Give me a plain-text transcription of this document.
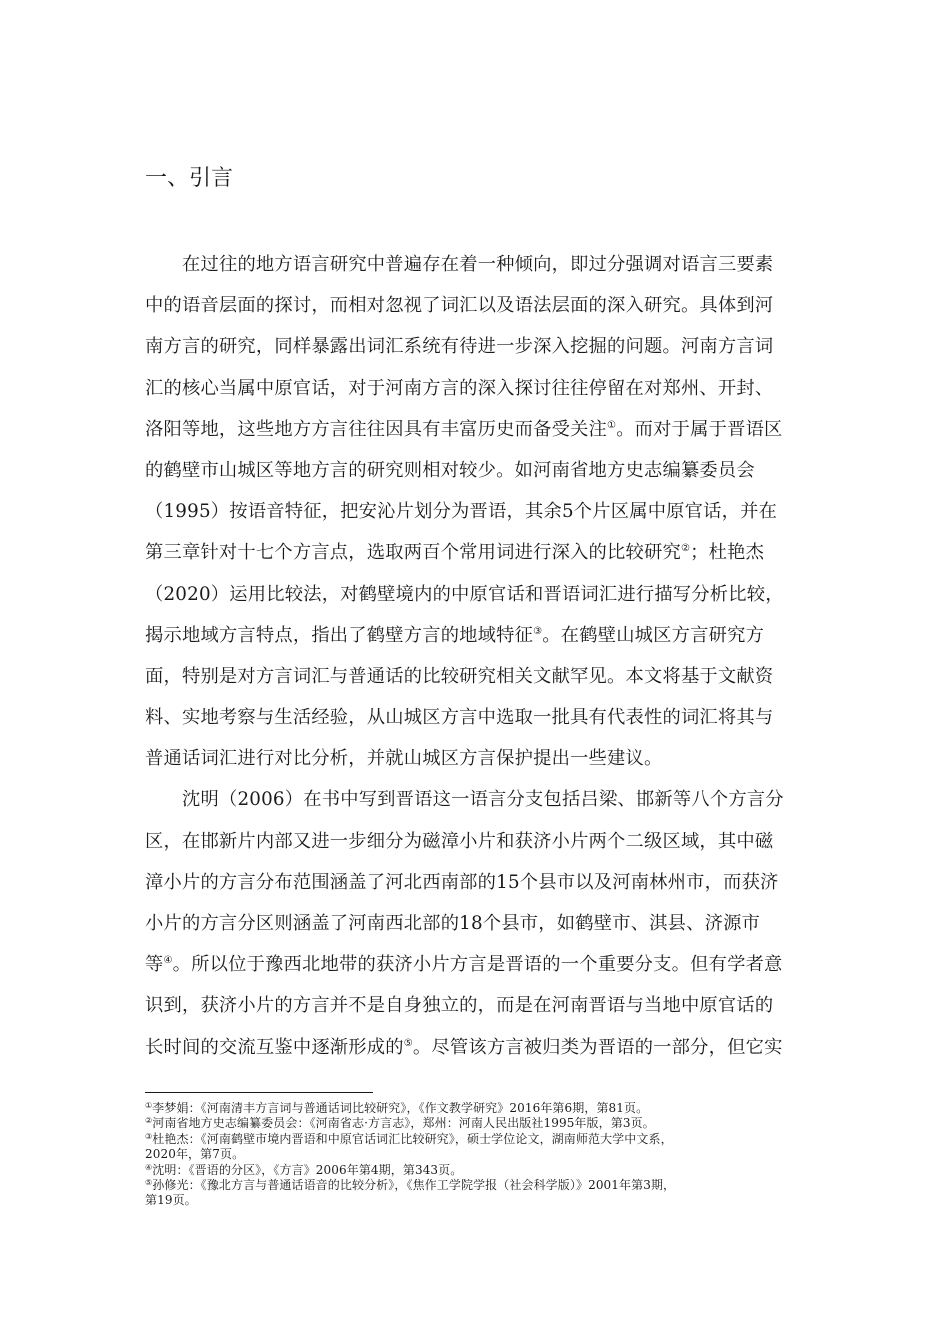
一、引言
在过往的地方语言研究中普遍存在着一种倾向，即过分强调对语言三要素
中的语音层面的探讨，而相对忽视了词汇以及语法层面的深入研究。具体到河
南方言的研究，同样暴露出词汇系统有待进一步深入挖掘的问题。河南方言词
汇的核心当属中原官话，对于河南方言的深入探讨往往停留在对郑州、开封、
洛阳等地，这些地方方言往往因具有丰富历史而备受关注①。而对于属于晋语区
的鹤壁市山城区等地方言的研究则相对较少。如河南省地方史志编纂委员会
（1995）按语音特征，把安沁片划分为晋语，其余5个片区属中原官话，并在
第三章针对十七个方言点，选取两百个常用词进行深入的比较研究②；杜艳杰
（2020）运用比较法，对鹤壁境内的中原官话和晋语词汇进行描写分析比较，
揭示地域方言特点，指出了鹤壁方言的地域特征③。在鹤壁山城区方言研究方
面，特别是对方言词汇与普通话的比较研究相关文献罕见。本文将基于文献资
料、实地考察与生活经验，从山城区方言中选取一批具有代表性的词汇将其与
普通话词汇进行对比分析，并就山城区方言保护提出一些建议。
沈明（2006）在书中写到晋语这一语言分支包括吕梁、邯新等八个方言分
区，在邯新片内部又进一步细分为磁漳小片和获济小片两个二级区域，其中磁
漳小片的方言分布范围涵盖了河北西南部的15个县市以及河南林州市，而获济
小片的方言分区则涵盖了河南西北部的18个县市，如鹤壁市、淇县、济源市
等④。所以位于豫西北地带的获济小片方言是晋语的一个重要分支。但有学者意
识到，获济小片的方言并不是自身独立的，而是在河南晋语与当地中原官话的
长时间的交流互鉴中逐渐形成的⑤。尽管该方言被归类为晋语的一部分，但它实
①李梦娟：《河南清丰方言词与普通话词比较研究》，《作文教学研究》2016年第6期，第81页。
②河南省地方史志编纂委员会：《河南省志·方言志》，郑州：河南人民出版社1995年版，第3页。
③杜艳杰：《河南鹤壁市境内晋语和中原官话词汇比较研究》，硕士学位论文，湖南师范大学中文系，
2020年，第7页。
④沈明：《晋语的分区》，《方言》2006年第4期，第343页。
⑤孙修光：《豫北方言与普通话语音的比较分析》，《焦作工学院学报（社会科学版）》2001年第3期，
第19页。
